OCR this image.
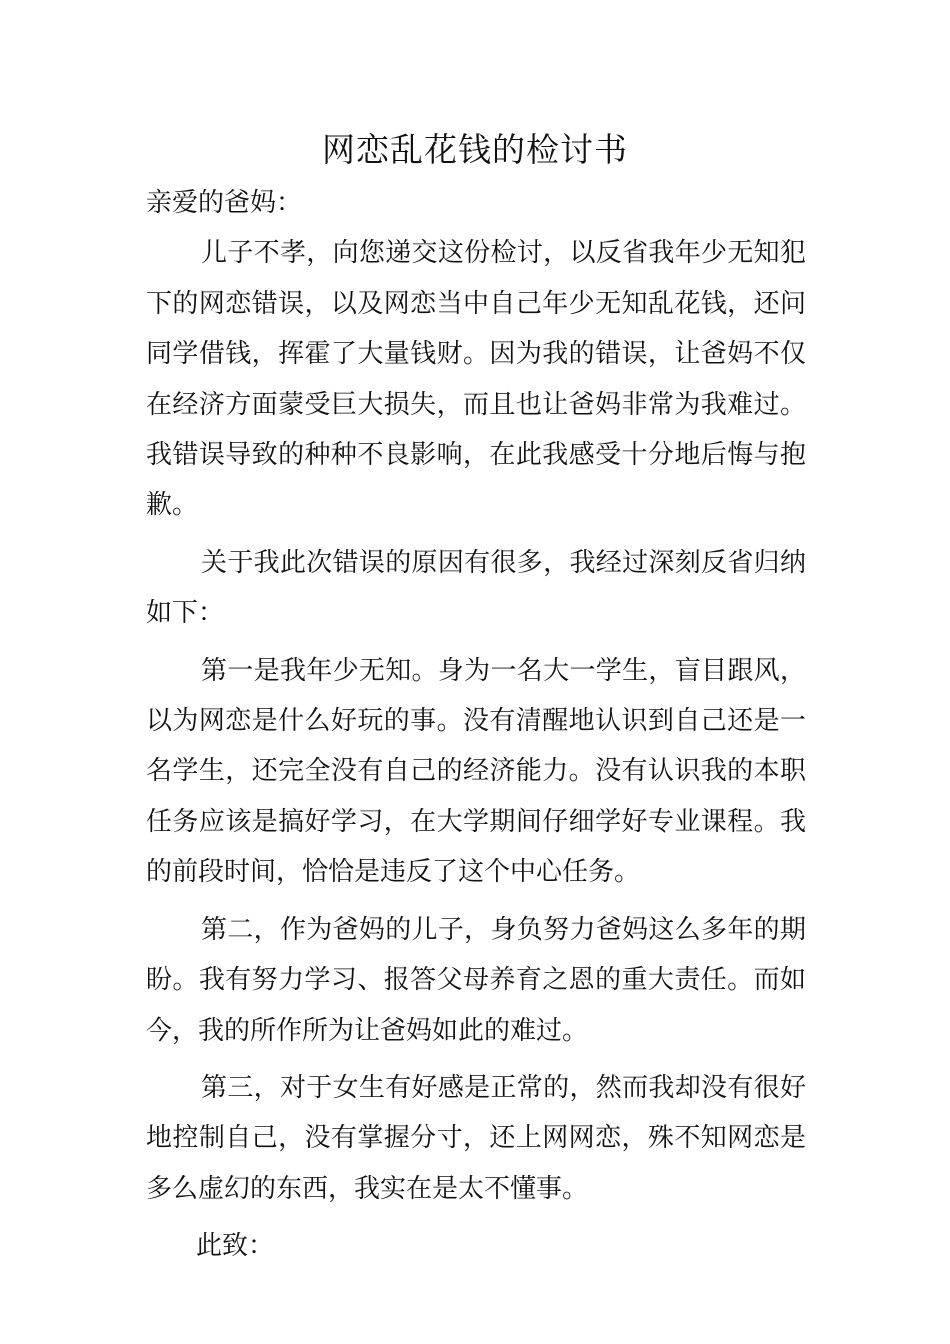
网恋乱花钱的检讨书

亲爱的爸妈：

儿子不孝，向您递交这份检讨，以反省我年少无知犯下的网恋错误，以及网恋当中自己年少无知乱花钱，还问同学借钱，挥霍了大量钱财。因为我的错误，让爸妈不仅在经济方面蒙受巨大损失，而且也让爸妈非常为我难过。我错误导致的种种不良影响，在此我感受十分地后悔与抱歉。

关于我此次错误的原因有很多，我经过深刻反省归纳如下：

第一是我年少无知。身为一名大一学生，盲目跟风，以为网恋是什么好玩的事。没有清醒地认识到自己还是一名学生，还完全没有自己的经济能力。没有认识我的本职任务应该是搞好学习，在大学期间仔细学好专业课程。我的前段时间，恰恰是违反了这个中心任务。

第二，作为爸妈的儿子，身负努力爸妈这么多年的期盼。我有努力学习、报答父母养育之恩的重大责任。而如今，我的所作所为让爸妈如此的难过。

第三，对于女生有好感是正常的，然而我却没有很好地控制自己，没有掌握分寸，还上网网恋，殊不知网恋是多么虚幻的东西，我实在是太不懂事。

此致：
